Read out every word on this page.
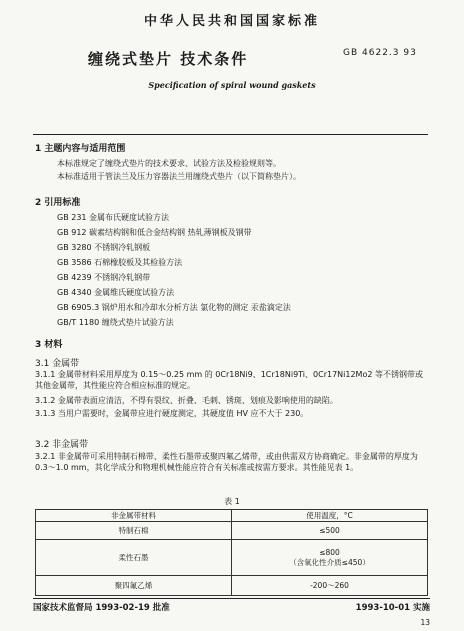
中华人民共和国国家标准
缠绕式垫片 技术条件	GB 4622.3 93
Specification of spiral wound gaskets
1 主题内容与适用范围
本标准规定了缠绕式垫片的技术要求、试验方法及检验规则等。
本标准适用于管法兰及压力容器法兰用缠绕式垫片（以下简称垫片）。
2 引用标准
GB 231 金属布氏硬度试验方法
GB 912 碳素结构钢和低合金结构钢 热轧薄钢板及钢带
GB 3280 不锈钢冷轧钢板
GB 3586 石棉橡胶板及其检验方法
GB 4239 不锈钢冷轧钢带
GB 4340 金属维氏硬度试验方法
GB 6905.3 锅炉用水和冷却水分析方法 氯化物的测定 汞盐滴定法
GB/T 1180 缠绕式垫片试验方法
3 材料
3.1 金属带
3.1.1 金属带材料采用厚度为 0.15～0.25 mm 的 0Cr18Ni9、1Cr18Ni9Ti、0Cr17Ni12Mo2 等不锈钢带或其他金属带，其性能应符合相应标准的规定。
3.1.2 金属带表面应清洁，不得有裂纹、折叠、毛刺、锈斑、划痕及影响使用的缺陷。
3.1.3 当用户需要时，金属带应进行硬度测定，其硬度值 HV 应不大于 230。
3.2 非金属带
3.2.1 非金属带可采用特制石棉带、柔性石墨带或聚四氟乙烯带，或由供需双方协商确定。非金属带的厚度为 0.3～1.0 mm，其化学成分和物理机械性能应符合有关标准或按需方要求。其性能见表 1。
表 1
非金属带材料	使用温度，°C
特制石棉	≤500
柔性石墨	≤800
（含氧化性介质≤450）
聚四氟乙烯	-200～260
国家技术监督局 1993-02-19 批准	1993-10-01 实施
13
